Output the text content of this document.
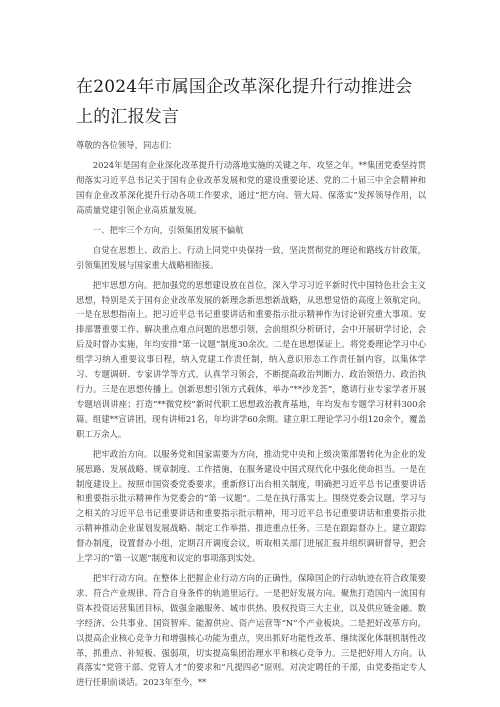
在2024年市属国企改革深化提升行动推进会上的汇报发言

尊敬的各位领导，同志们：

2024年是国有企业深化改革提升行动落地实施的关键之年、攻坚之年。**集团党委坚持贯彻落实习近平总书记关于国有企业改革发展和党的建设重要论述、党的二十届三中全会精神和国有企业改革深化提升行动各项工作要求，通过“把方向、管大局、保落实”发挥领导作用，以高质量党建引领企业高质量发展。

一、把牢三个方向，引领集团发展不偏航

自觉在思想上、政治上、行动上同党中央保持一致，坚决贯彻党的理论和路线方针政策，引领集团发展与国家重大战略相衔接。

把牢思想方向。把加强党的思想建设放在首位，深入学习习近平新时代中国特色社会主义思想，特别是关于国有企业改革发展的新理念新思想新战略，从思想觉悟的高度上领航定向。一是在思想指南上。把习近平总书记重要讲话和重要指示批示精神作为讨论研究重大事项、安排部署重要工作、解决重点难点问题的思想引领，会前组织分析研讨，会中开展研学讨论，会后及时督办实施，年均安排“第一议题”制度30余次。二是在思想保证上。将党委理论学习中心组学习纳入重要议事日程，纳入党建工作责任制，纳入意识形态工作责任制内容，以集体学习、专题调研、专家讲学等方式，认真学习领会，不断提高政治判断力、政治领悟力、政治执行力。三是在思想传播上。创新思想引领方式载体，举办“**沙龙荟”，邀请行业专家学者开展专题培训讲座；打造“**微党校”新时代职工思想政治教育基地，年均发布专题学习材料300余篇。组建**宣讲团，现有讲师21名，年均讲学60余期。建立职工理论学习小组120余个，覆盖职工万余人。

把牢政治方向。以服务党和国家需要为方向，推动党中央和上级决策部署转化为企业的发展思路、发展战略、规章制度、工作措施，在服务建设中国式现代化中强化使命担当。一是在制度建设上。按照市国资委党委要求，重新修订出台相关制度，明确把习近平总书记重要讲话和重要指示批示精神作为党委会的“第一议题”。二是在执行落实上。围绕党委会议题，学习与之相关的习近平总书记重要讲话和重要指示批示精神，用习近平总书记重要讲话和重要指示批示精神推动企业谋划发展战略、制定工作举措、推进重点任务。三是在跟踪督办上。建立跟踪督办制度，设置督办小组，定期召开调度会议，听取相关部门进展汇报并组织调研督导，把会上学习的“第一议题”制度和议定的事项落到实处。

把牢行动方向。在整体上把握企业行动方向的正确性，保障国企的行动轨迹在符合政策要求、符合产业规律、符合自身条件的轨道里运行。一是把好发展方向。聚焦打造国内一流国有资本投资运营集团目标，做强金融服务、城市供热、股权投资三大主业，以及供应链金融、数字经济、公共事业、国资智库、能源供应、资产运营等“N”个产业板块。二是把好改革方向。以提高企业核心竞争力和增强核心功能为重点，突出抓好功能性改革、继续深化体制机制性改革，抓重点、补短板、强弱项，切实提高集团治理水平和核心竞争力。三是把好用人方向。认真落实“党管干部、党管人才”的要求和“凡提四必”原则。对决定聘任的干部，由党委指定专人进行任职前谈话。2023年至今，**
